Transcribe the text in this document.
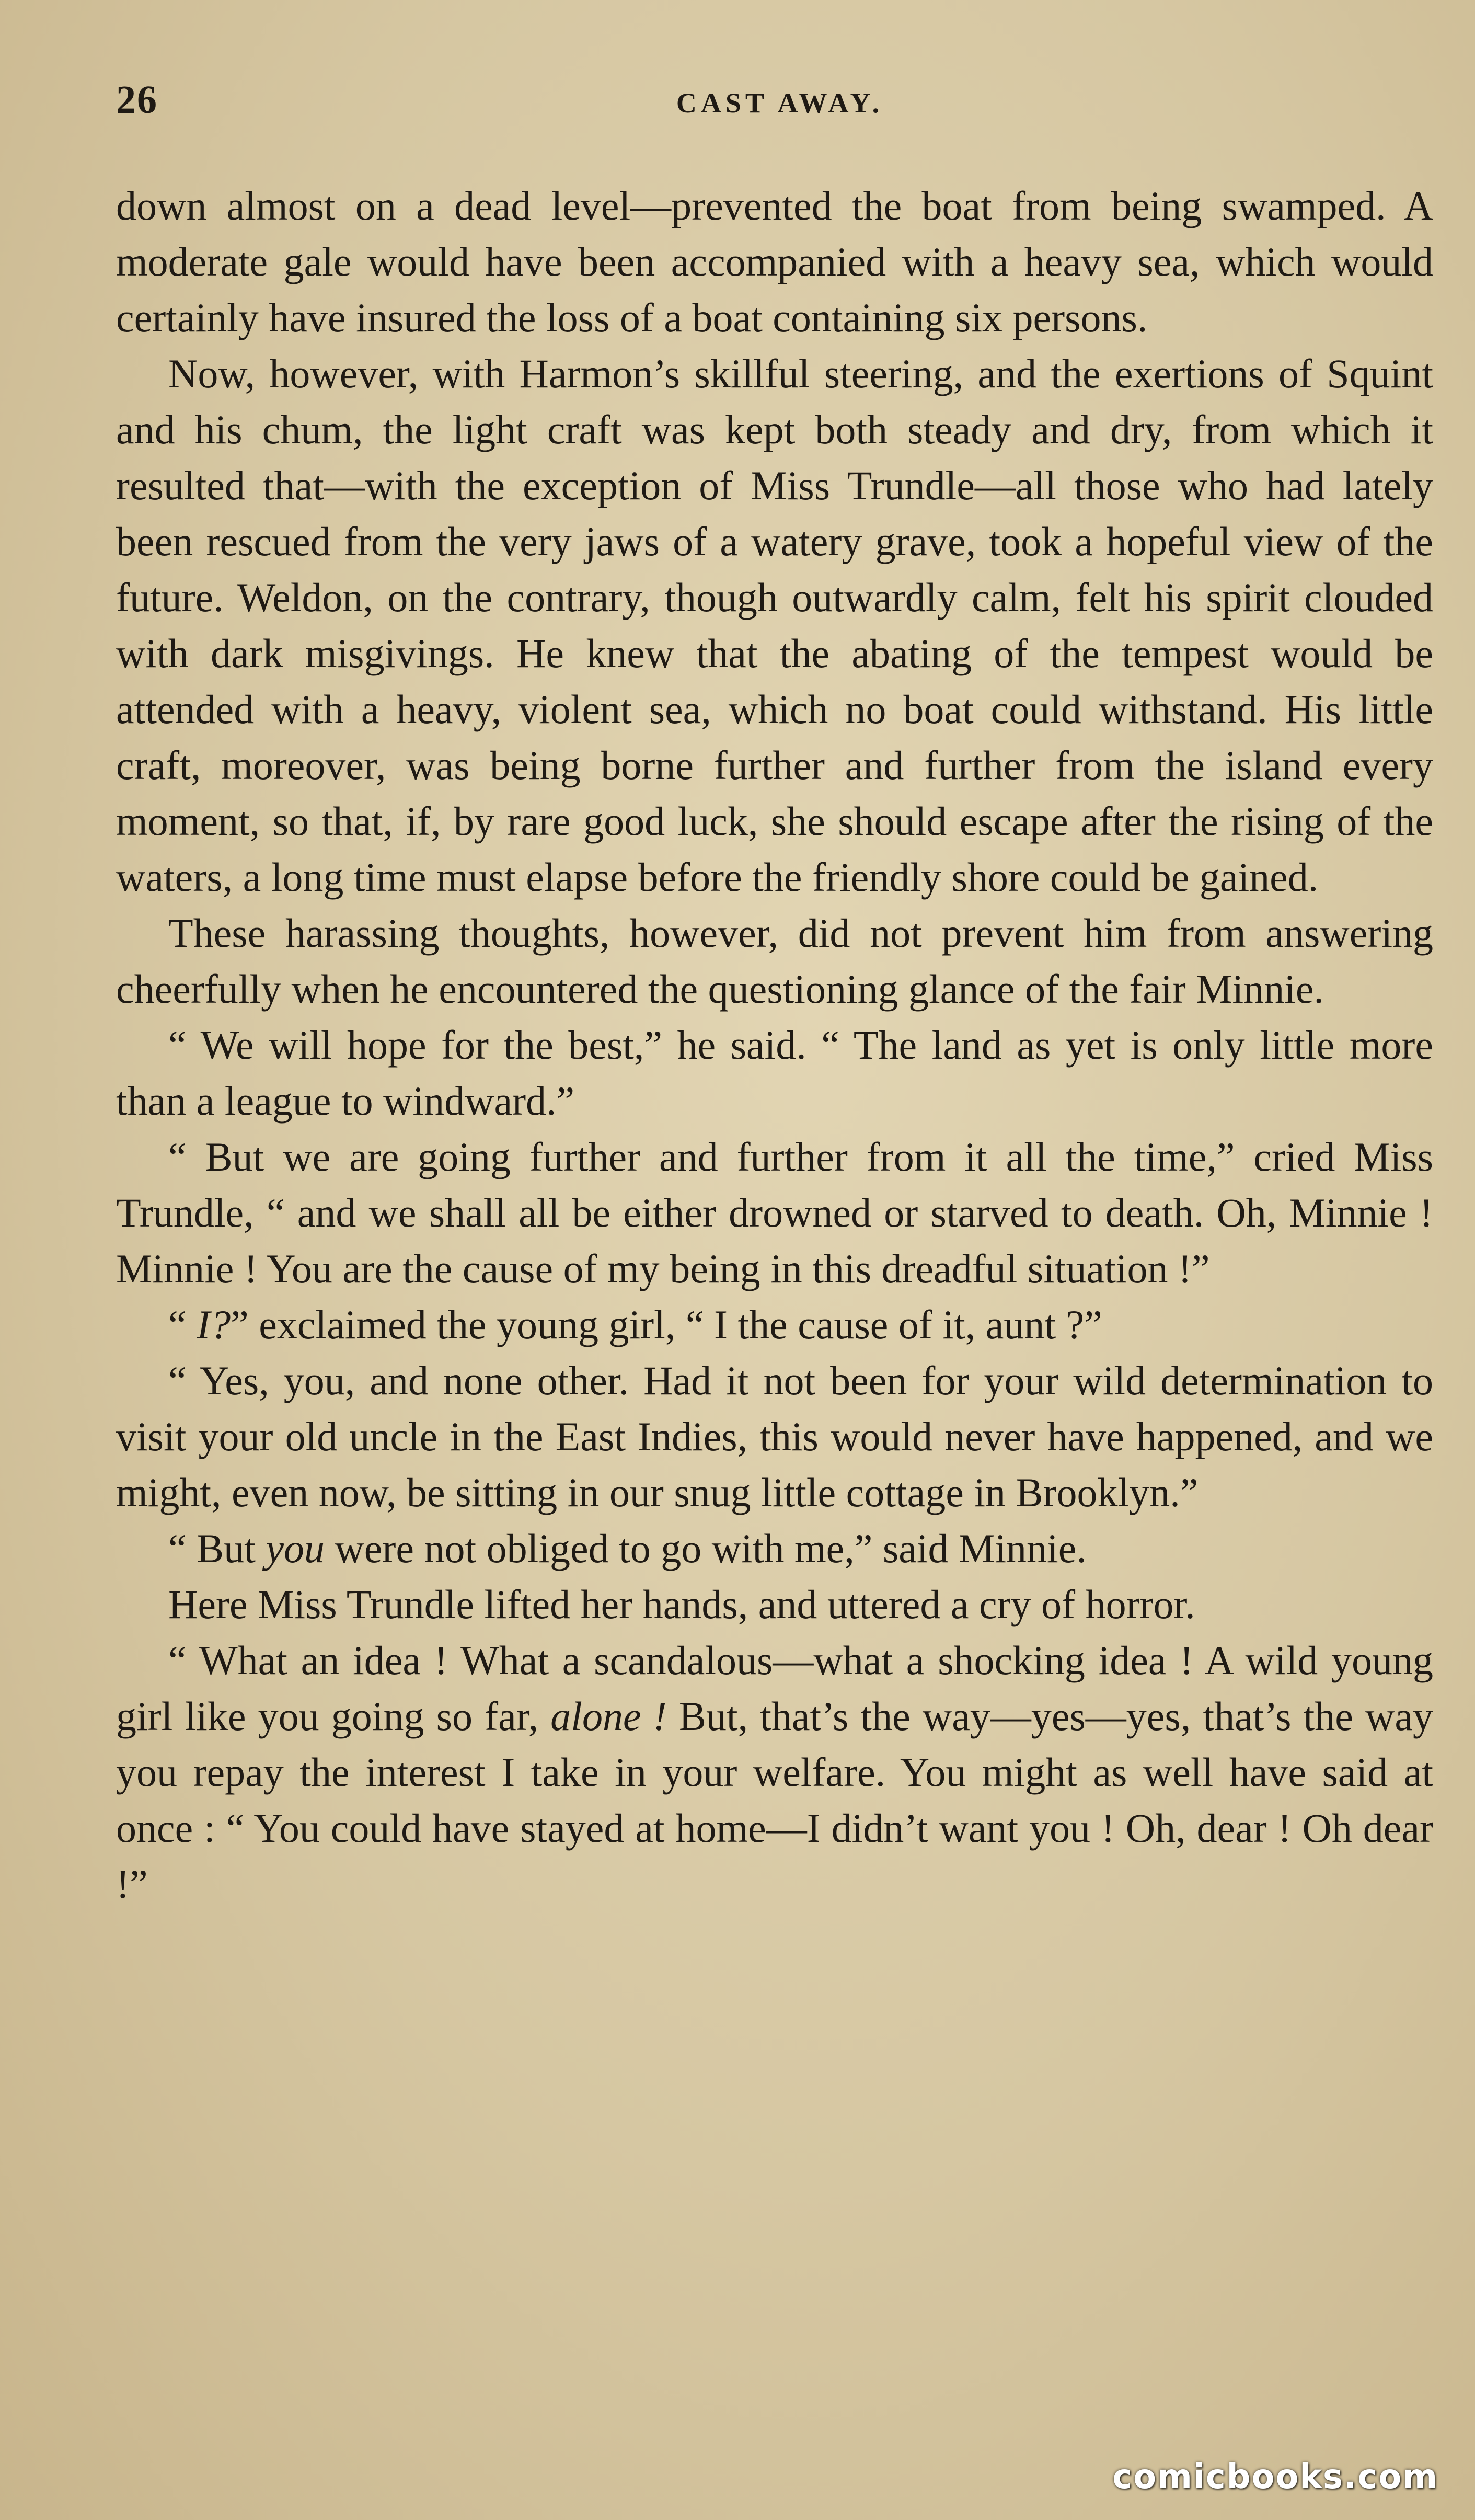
26	CAST AWAY.

down almost on a dead level—prevented the boat from being swamped. A moderate gale would have been accompanied with a heavy sea, which would certainly have insured the loss of a boat containing six persons.

Now, however, with Harmon’s skillful steering, and the exertions of Squint and his chum, the light craft was kept both steady and dry, from which it resulted that—with the exception of Miss Trundle—all those who had lately been rescued from the very jaws of a watery grave, took a hopeful view of the future. Weldon, on the contrary, though outwardly calm, felt his spirit clouded with dark misgivings. He knew that the abating of the tempest would be attended with a heavy, violent sea, which no boat could withstand. His little craft, moreover, was being borne further and further from the island every moment, so that, if, by rare good luck, she should escape after the rising of the waters, a long time must elapse before the friendly shore could be gained.

These harassing thoughts, however, did not prevent him from answering cheerfully when he encountered the questioning glance of the fair Minnie.

“ We will hope for the best,” he said. “ The land as yet is only little more than a league to windward.”

“ But we are going further and further from it all the time,” cried Miss Trundle, “ and we shall all be either drowned or starved to death. Oh, Minnie ! Minnie ! You are the cause of my being in this dreadful situation !”

“ I?” exclaimed the young girl, “ I the cause of it, aunt ?”

“ Yes, you, and none other. Had it not been for your wild determination to visit your old uncle in the East Indies, this would never have happened, and we might, even now, be sitting in our snug little cottage in Brooklyn.”

“ But you were not obliged to go with me,” said Minnie.

Here Miss Trundle lifted her hands, and uttered a cry of horror.

“ What an idea ! What a scandalous—what a shocking idea ! A wild young girl like you going so far, alone ! But, that’s the way—yes—yes, that’s the way you repay the interest I take in your welfare. You might as well have said at once : “ You could have stayed at home—I didn’t want you ! Oh, dear ! Oh dear !”

comicbooks.com
